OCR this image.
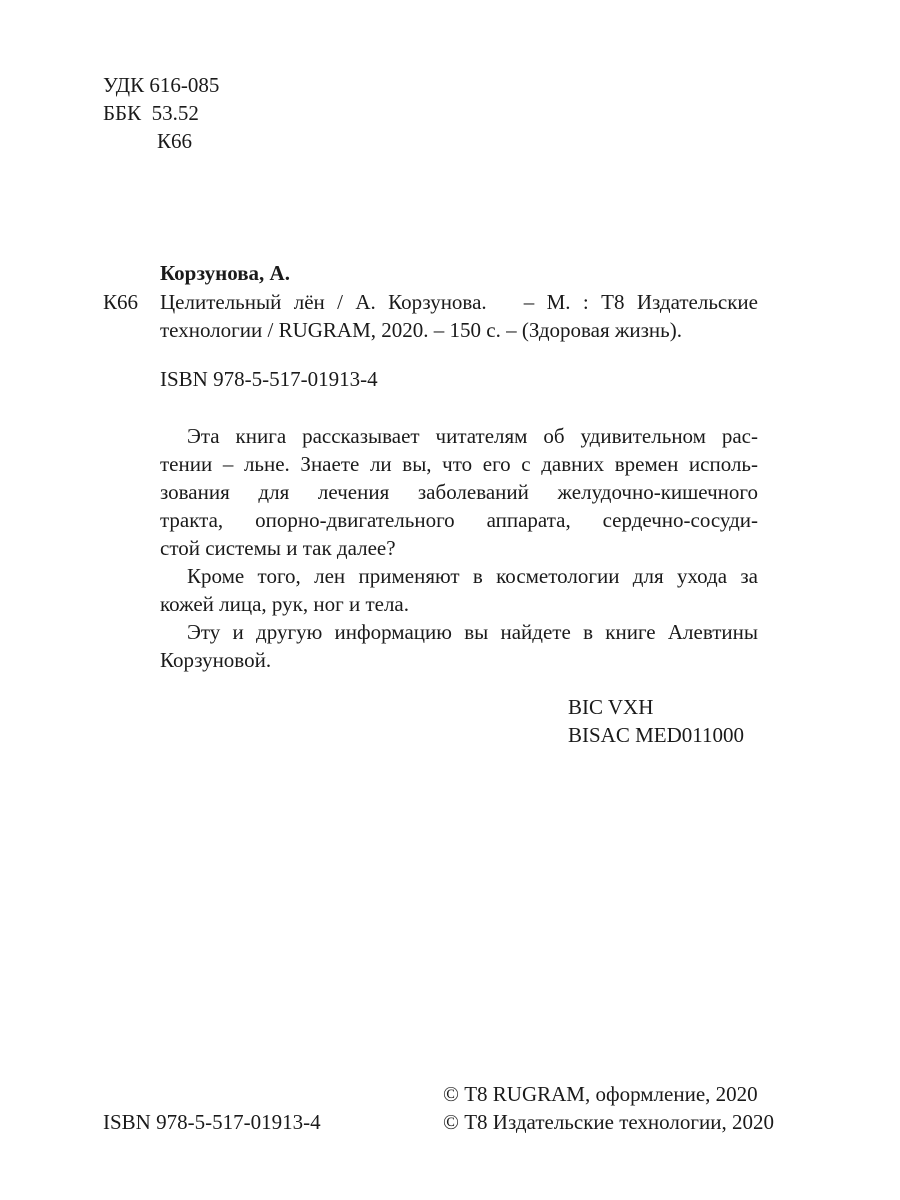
УДК 616-085
ББК  53.52
К66
Корзунова, А.
К66 Целительный лён / А. Корзунова.   – М. : Т8 Издательские
технологии / RUGRAM, 2020. – 150 с. – (Здоровая жизнь).
ISBN 978-5-517-01913-4
Эта книга рассказывает читателям об удивительном рас-
тении – льне. Знаете ли вы, что его с давних времен исполь-
зования для лечения заболеваний желудочно-кишечного
тракта, опорно-двигательного аппарата, сердечно-сосуди-
стой системы и так далее?
Кроме того, лен применяют в косметологии для ухода за
кожей лица, рук, ног и тела.
Эту и другую информацию вы найдете в книге Алевтины
Корзуновой.
BIC VXH
BISAC MED011000
© Т8 RUGRAM, оформление, 2020
ISBN 978-5-517-01913-4	© Т8 Издательские технологии, 2020
